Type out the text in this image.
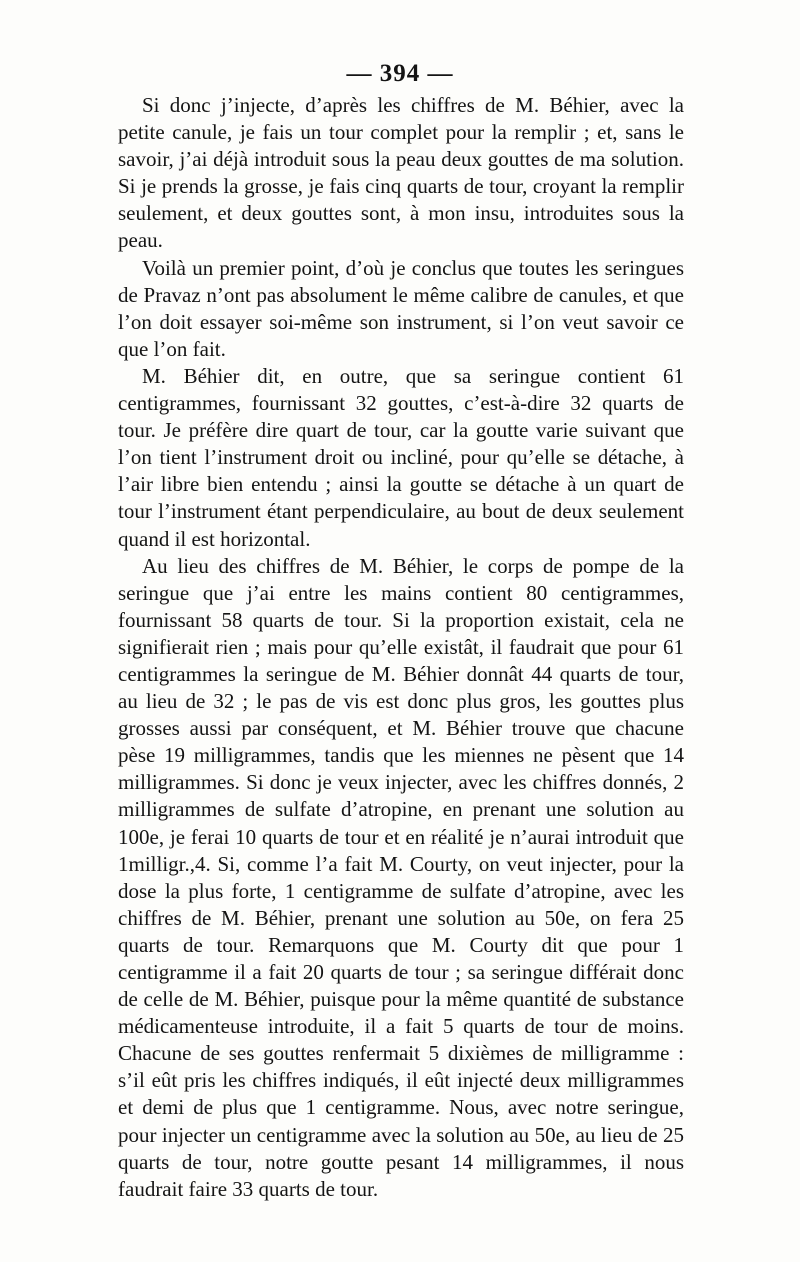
— 394 —

Si donc j’injecte, d’après les chiffres de M. Béhier, avec la petite canule, je fais un tour complet pour la remplir ; et, sans le savoir, j’ai déjà introduit sous la peau deux gouttes de ma solution. Si je prends la grosse, je fais cinq quarts de tour, croyant la remplir seulement, et deux gouttes sont, à mon insu, introduites sous la peau.

Voilà un premier point, d’où je conclus que toutes les seringues de Pravaz n’ont pas absolument le même calibre de canules, et que l’on doit essayer soi-même son instrument, si l’on veut savoir ce que l’on fait.

M. Béhier dit, en outre, que sa seringue contient 61 centigrammes, fournissant 32 gouttes, c’est-à-dire 32 quarts de tour. Je préfère dire quart de tour, car la goutte varie suivant que l’on tient l’instrument droit ou incliné, pour qu’elle se détache, à l’air libre bien entendu ; ainsi la goutte se détache à un quart de tour l’instrument étant perpendiculaire, au bout de deux seulement quand il est horizontal.

Au lieu des chiffres de M. Béhier, le corps de pompe de la seringue que j’ai entre les mains contient 80 centigrammes, fournissant 58 quarts de tour. Si la proportion existait, cela ne signifierait rien ; mais pour qu’elle existât, il faudrait que pour 61 centigrammes la seringue de M. Béhier donnât 44 quarts de tour, au lieu de 32 ; le pas de vis est donc plus gros, les gouttes plus grosses aussi par conséquent, et M. Béhier trouve que chacune pèse 19 milligrammes, tandis que les miennes ne pèsent que 14 milligrammes. Si donc je veux injecter, avec les chiffres donnés, 2 milligrammes de sulfate d’atropine, en prenant une solution au 100e, je ferai 10 quarts de tour et en réalité je n’aurai introduit que 1milligr.,4. Si, comme l’a fait M. Courty, on veut injecter, pour la dose la plus forte, 1 centigramme de sulfate d’atropine, avec les chiffres de M. Béhier, prenant une solution au 50e, on fera 25 quarts de tour. Remarquons que M. Courty dit que pour 1 centigramme il a fait 20 quarts de tour ; sa seringue différait donc de celle de M. Béhier, puisque pour la même quantité de substance médicamenteuse introduite, il a fait 5 quarts de tour de moins. Chacune de ses gouttes renfermait 5 dixièmes de milligramme : s’il eût pris les chiffres indiqués, il eût injecté deux milligrammes et demi de plus que 1 centigramme. Nous, avec notre seringue, pour injecter un centigramme avec la solution au 50e, au lieu de 25 quarts de tour, notre goutte pesant 14 milligrammes, il nous faudrait faire 33 quarts de tour.
